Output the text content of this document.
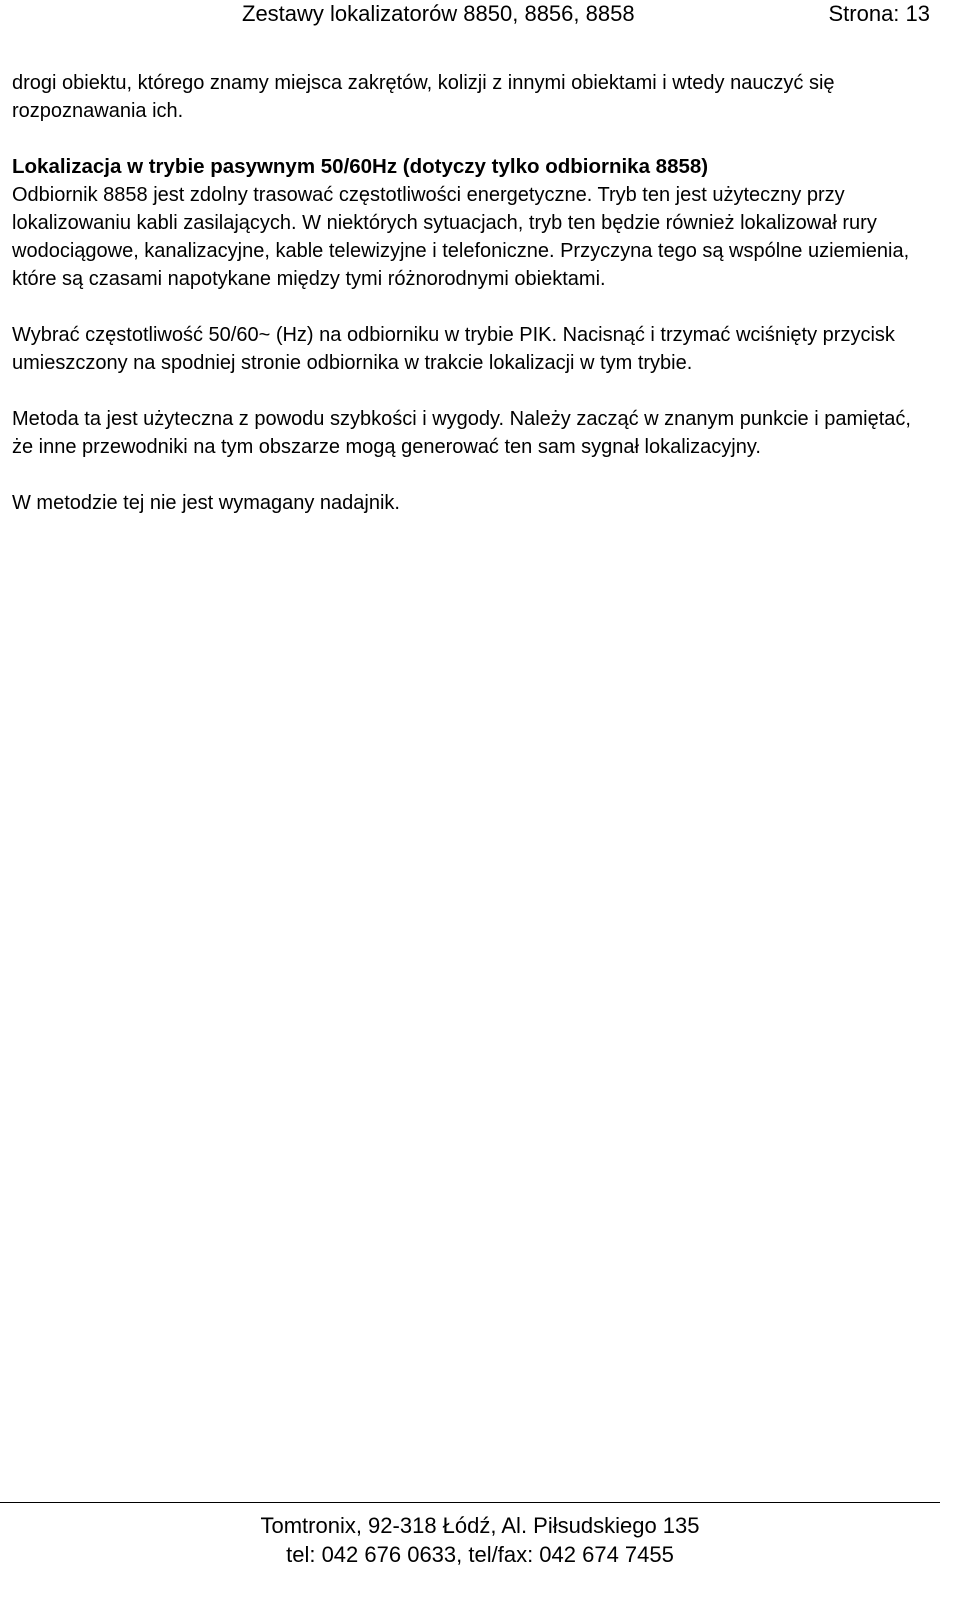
Zestawy lokalizatorów 8850, 8856, 8858	Strona: 13

drogi obiektu, którego znamy miejsca zakrętów, kolizji z innymi obiektami i wtedy nauczyć się rozpoznawania ich.

Lokalizacja w trybie pasywnym 50/60Hz (dotyczy tylko odbiornika 8858)

Odbiornik 8858 jest zdolny trasować częstotliwości energetyczne. Tryb ten jest użyteczny przy lokalizowaniu kabli zasilających. W niektórych sytuacjach, tryb ten będzie również lokalizował rury wodociągowe, kanalizacyjne, kable telewizyjne i telefoniczne. Przyczyna tego są wspólne uziemienia, które są czasami napotykane między tymi różnorodnymi obiektami.

Wybrać częstotliwość 50/60~ (Hz) na odbiorniku w trybie PIK. Nacisnąć i trzymać wciśnięty przycisk umieszczony na spodniej stronie odbiornika w trakcie lokalizacji w tym trybie.

Metoda ta jest użyteczna z powodu szybkości i wygody. Należy zacząć w znanym punkcie i pamiętać, że inne przewodniki na tym obszarze mogą generować ten sam sygnał lokalizacyjny.

W metodzie tej nie jest wymagany nadajnik.

Tomtronix, 92-318 Łódź, Al. Piłsudskiego 135
tel: 042 676 0633, tel/fax: 042 674 7455
